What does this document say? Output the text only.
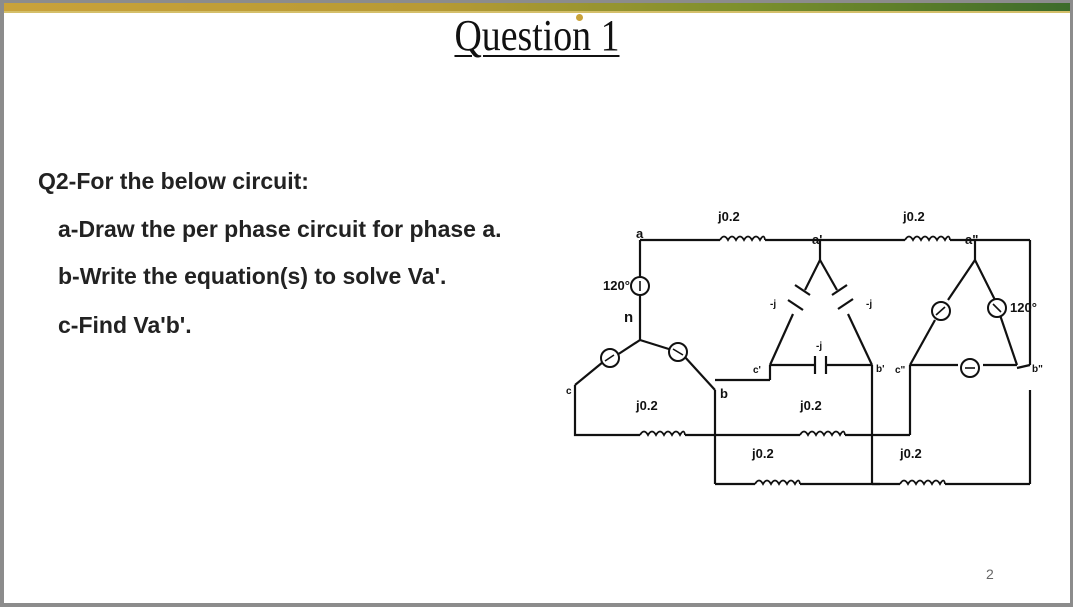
Question 1
Q2-For the below circuit:
a-Draw the per phase circuit for phase a.
b-Write the equation(s) to solve Va'.
c-Find Va'b'.
2
j0.2	j0.2
j0.2	j0.2
j0.2	j0.2
-j	-j
-j
120°
120°
a
n
c	b
a'
c'	b' c"
a"
b"
